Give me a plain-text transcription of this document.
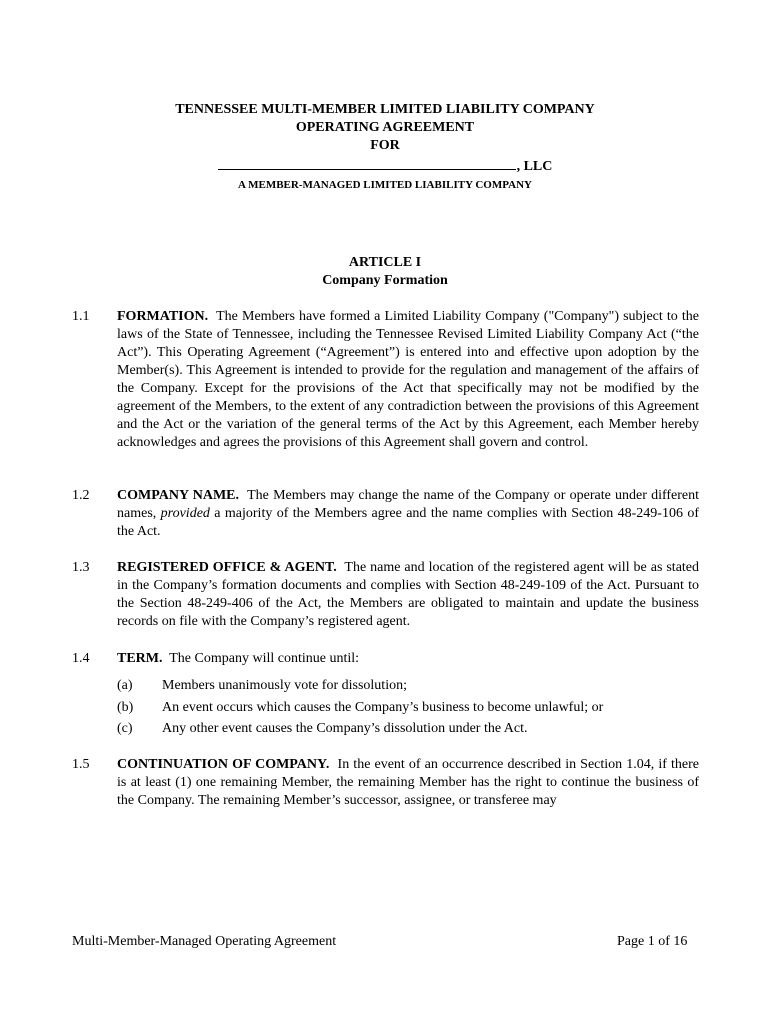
TENNESSEE MULTI-MEMBER LIMITED LIABILITY COMPANY
OPERATING AGREEMENT
FOR
, LLC
A MEMBER-MANAGED LIMITED LIABILITY COMPANY
ARTICLE I
Company Formation
1.1 FORMATION. The Members have formed a Limited Liability Company ("Company") subject to the laws of the State of Tennessee, including the Tennessee Revised Limited Liability Company Act (“the Act”). This Operating Agreement (“Agreement”) is entered into and effective upon adoption by the Member(s). This Agreement is intended to provide for the regulation and management of the affairs of the Company. Except for the provisions of the Act that specifically may not be modified by the agreement of the Members, to the extent of any contradiction between the provisions of this Agreement and the Act or the variation of the general terms of the Act by this Agreement, each Member hereby acknowledges and agrees the provisions of this Agreement shall govern and control.

1.2 COMPANY NAME. The Members may change the name of the Company or operate under different names, provided a majority of the Members agree and the name complies with Section 48-249-106 of the Act.

1.3 REGISTERED OFFICE & AGENT. The name and location of the registered agent will be as stated in the Company’s formation documents and complies with Section 48-249-109 of the Act. Pursuant to the Section 48-249-406 of the Act, the Members are obligated to maintain and update the business records on file with the Company’s registered agent.

1.4 TERM. The Company will continue until:

(a) Members unanimously vote for dissolution;
(b) An event occurs which causes the Company’s business to become unlawful; or
(c) Any other event causes the Company’s dissolution under the Act.
1.5 CONTINUATION OF COMPANY. In the event of an occurrence described in Section 1.04, if there is at least (1) one remaining Member, the remaining Member has the right to continue the business of the Company. The remaining Member’s successor, assignee, or transferee may

Multi-Member-Managed Operating Agreement	Page 1 of 16
